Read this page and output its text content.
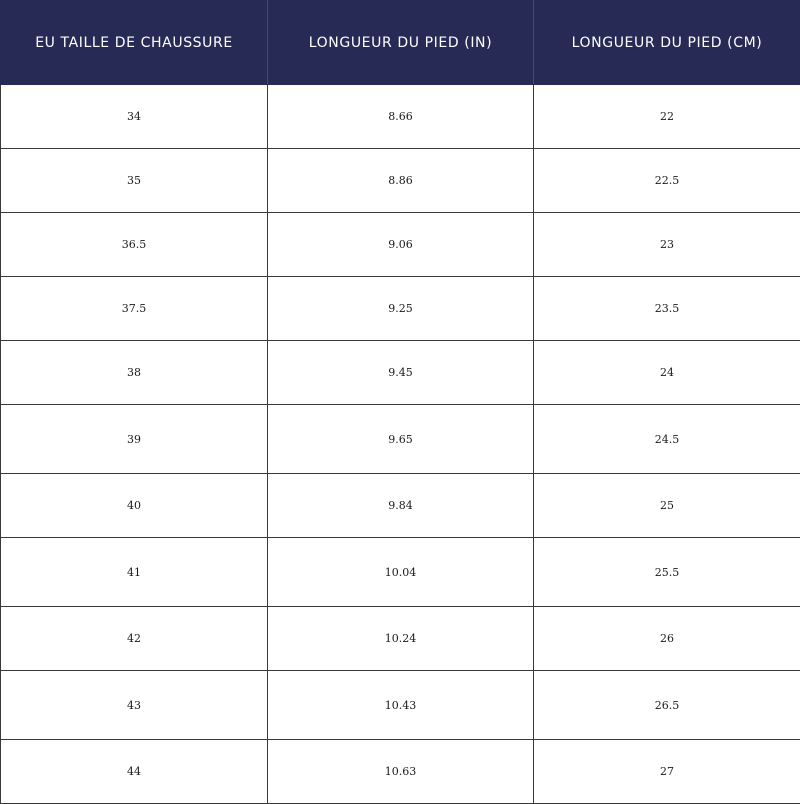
EU TAILLE DE CHAUSSURE	LONGUEUR DU PIED (IN)	LONGUEUR DU PIED (CM)
34	8.66	22
35	8.86	22.5
36.5	9.06	23
37.5	9.25	23.5
38	9.45	24
39	9.65	24.5
40	9.84	25
41	10.04	25.5
42	10.24	26
43	10.43	26.5
44	10.63	27
